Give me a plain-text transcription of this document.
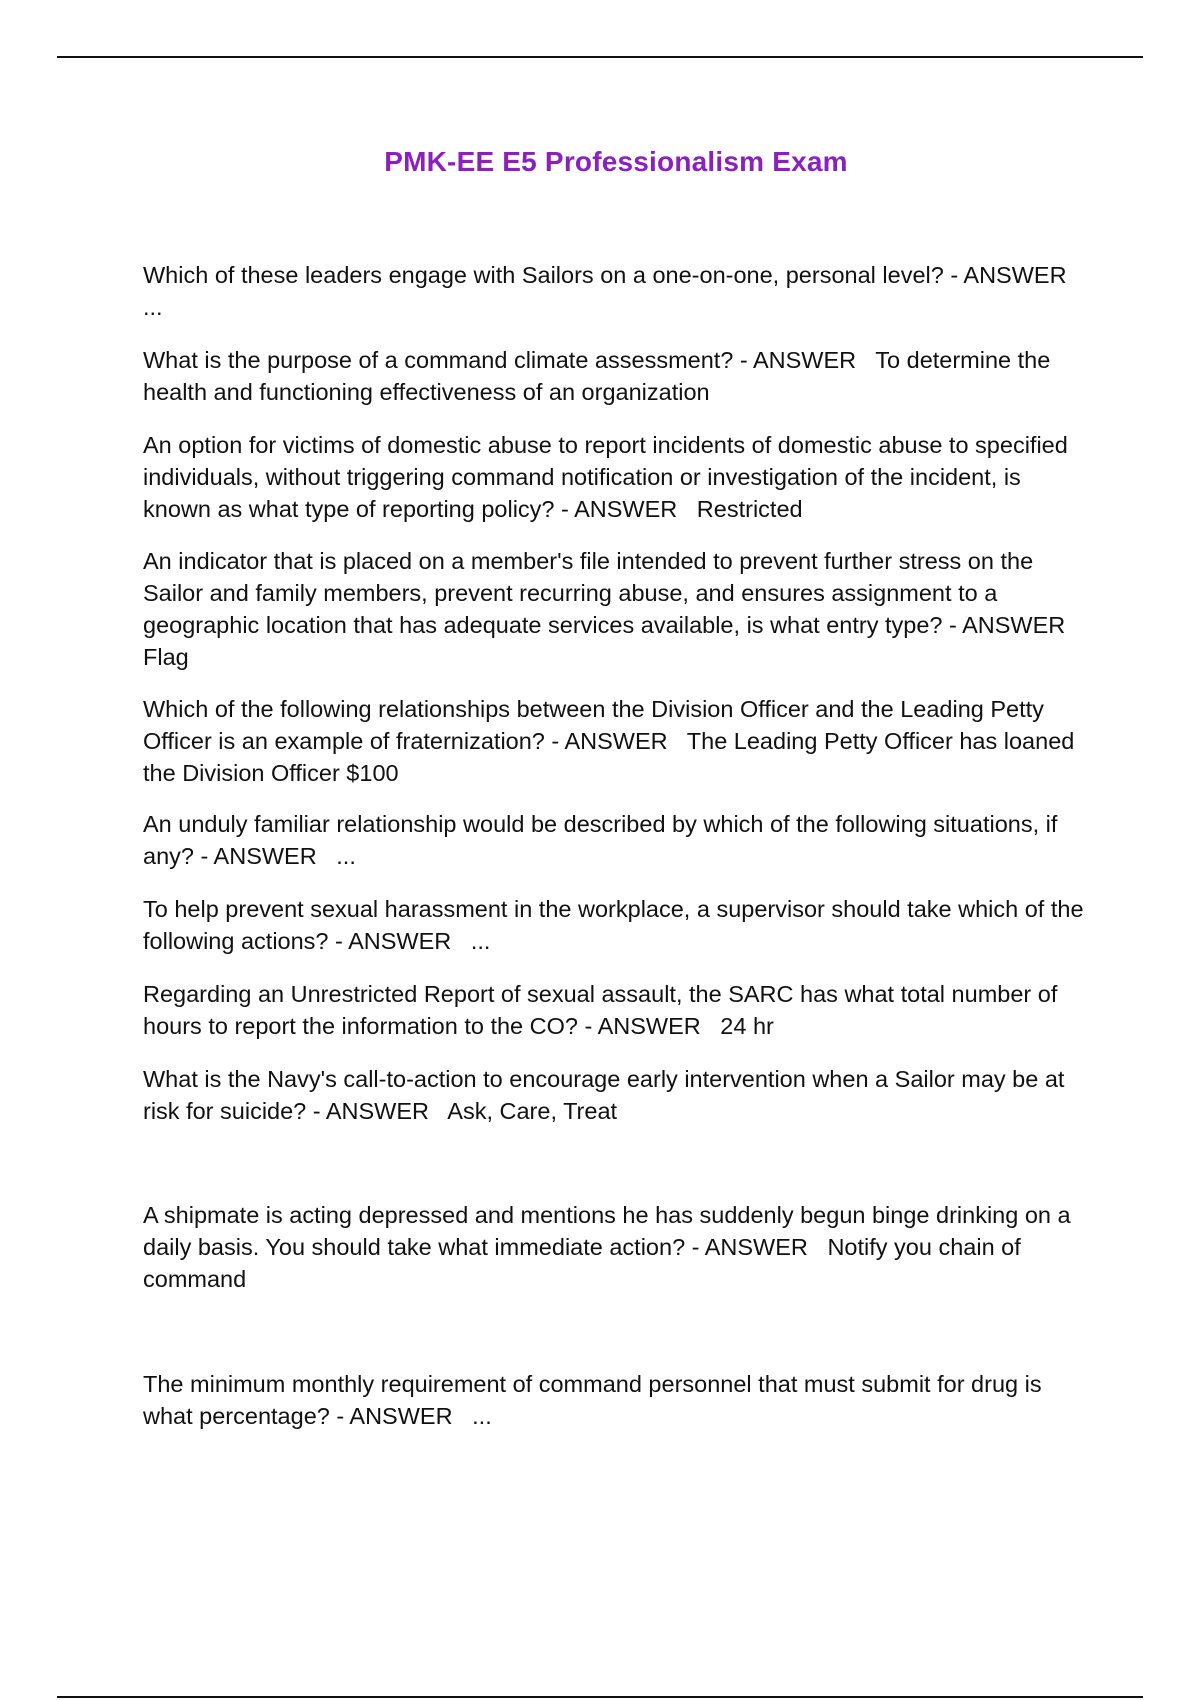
PMK-EE E5 Professionalism Exam

Which of these leaders engage with Sailors on a one-on-one, personal level? - ANSWER   ...

What is the purpose of a command climate assessment? - ANSWER   To determine the health and functioning effectiveness of an organization

An option for victims of domestic abuse to report incidents of domestic abuse to specified individuals, without triggering command notification or investigation of the incident, is known as what type of reporting policy? - ANSWER   Restricted

An indicator that is placed on a member's file intended to prevent further stress on the Sailor and family members, prevent recurring abuse, and ensures assignment to a geographic location that has adequate services available, is what entry type? - ANSWER   Flag

Which of the following relationships between the Division Officer and the Leading Petty Officer is an example of fraternization? - ANSWER   The Leading Petty Officer has loaned the Division Officer $100

An unduly familiar relationship would be described by which of the following situations, if any? - ANSWER   ...

To help prevent sexual harassment in the workplace, a supervisor should take which of the following actions? - ANSWER   ...

Regarding an Unrestricted Report of sexual assault, the SARC has what total number of hours to report the information to the CO? - ANSWER   24 hr

What is the Navy's call-to-action to encourage early intervention when a Sailor may be at risk for suicide? - ANSWER   Ask, Care, Treat

A shipmate is acting depressed and mentions he has suddenly begun binge drinking on a daily basis. You should take what immediate action? - ANSWER   Notify you chain of command

The minimum monthly requirement of command personnel that must submit for drug is what percentage? - ANSWER   ...
